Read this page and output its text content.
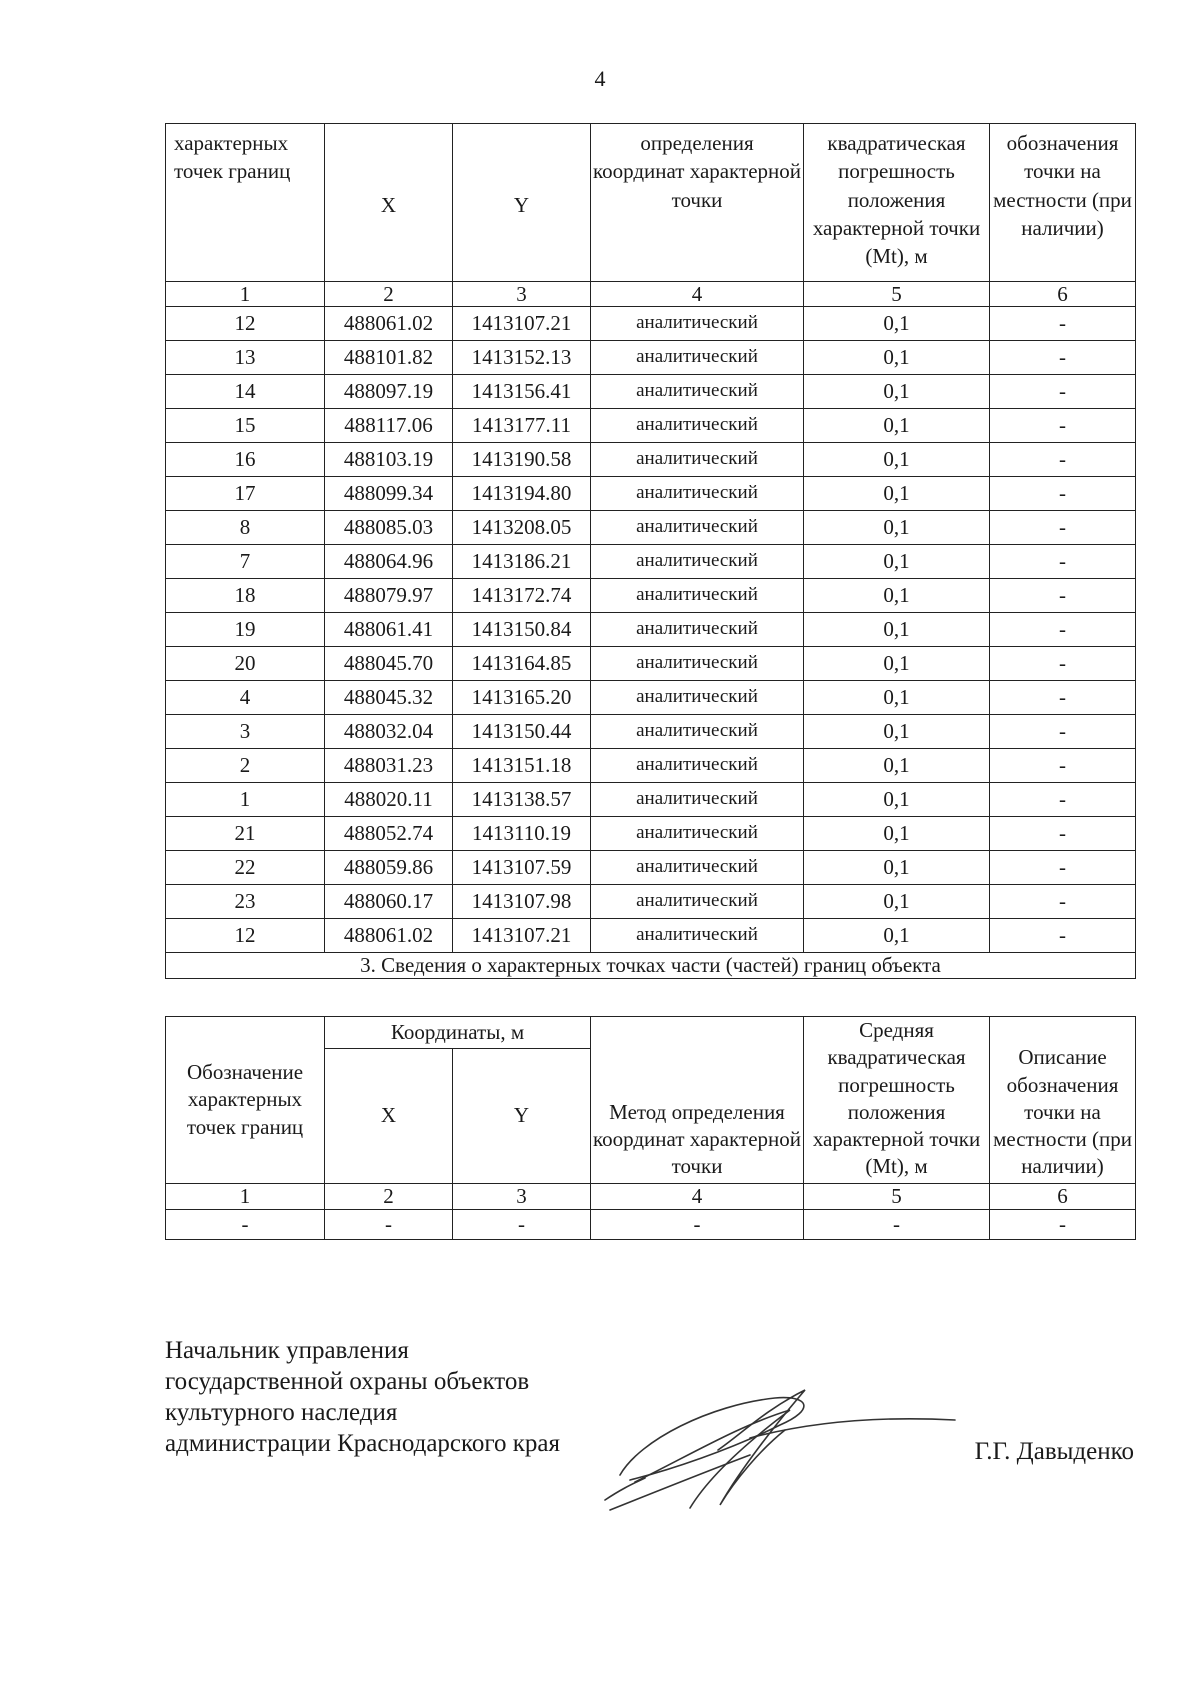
4
характерных точек границ	X	Y	определения координат характерной точки	квадратическая погрешность положения характерной точки (Mt), м	обозначения точки на местности (при наличии)
1	2	3	4	5	6
12	488061.02	1413107.21	аналитический	0,1	-
13	488101.82	1413152.13	аналитический	0,1	-
14	488097.19	1413156.41	аналитический	0,1	-
15	488117.06	1413177.11	аналитический	0,1	-
16	488103.19	1413190.58	аналитический	0,1	-
17	488099.34	1413194.80	аналитический	0,1	-
8	488085.03	1413208.05	аналитический	0,1	-
7	488064.96	1413186.21	аналитический	0,1	-
18	488079.97	1413172.74	аналитический	0,1	-
19	488061.41	1413150.84	аналитический	0,1	-
20	488045.70	1413164.85	аналитический	0,1	-
4	488045.32	1413165.20	аналитический	0,1	-
3	488032.04	1413150.44	аналитический	0,1	-
2	488031.23	1413151.18	аналитический	0,1	-
1	488020.11	1413138.57	аналитический	0,1	-
21	488052.74	1413110.19	аналитический	0,1	-
22	488059.86	1413107.59	аналитический	0,1	-
23	488060.17	1413107.98	аналитический	0,1	-
12	488061.02	1413107.21	аналитический	0,1	-
3. Сведения о характерных точках части (частей) границ объекта					
Обозначение характерных точек границ	Координаты, м		Метод определения координат характерной точки	Средняя квадратическая погрешность положения характерной точки (Mt), м	Описание обозначения точки на местности (при наличии)
	X	Y			
1	2	3	4	5	6
-	-	-	-	-	-
Начальник управления
государственной охраны объектов
культурного наследия
администрации Краснодарского края	Г.Г. Давыденко
